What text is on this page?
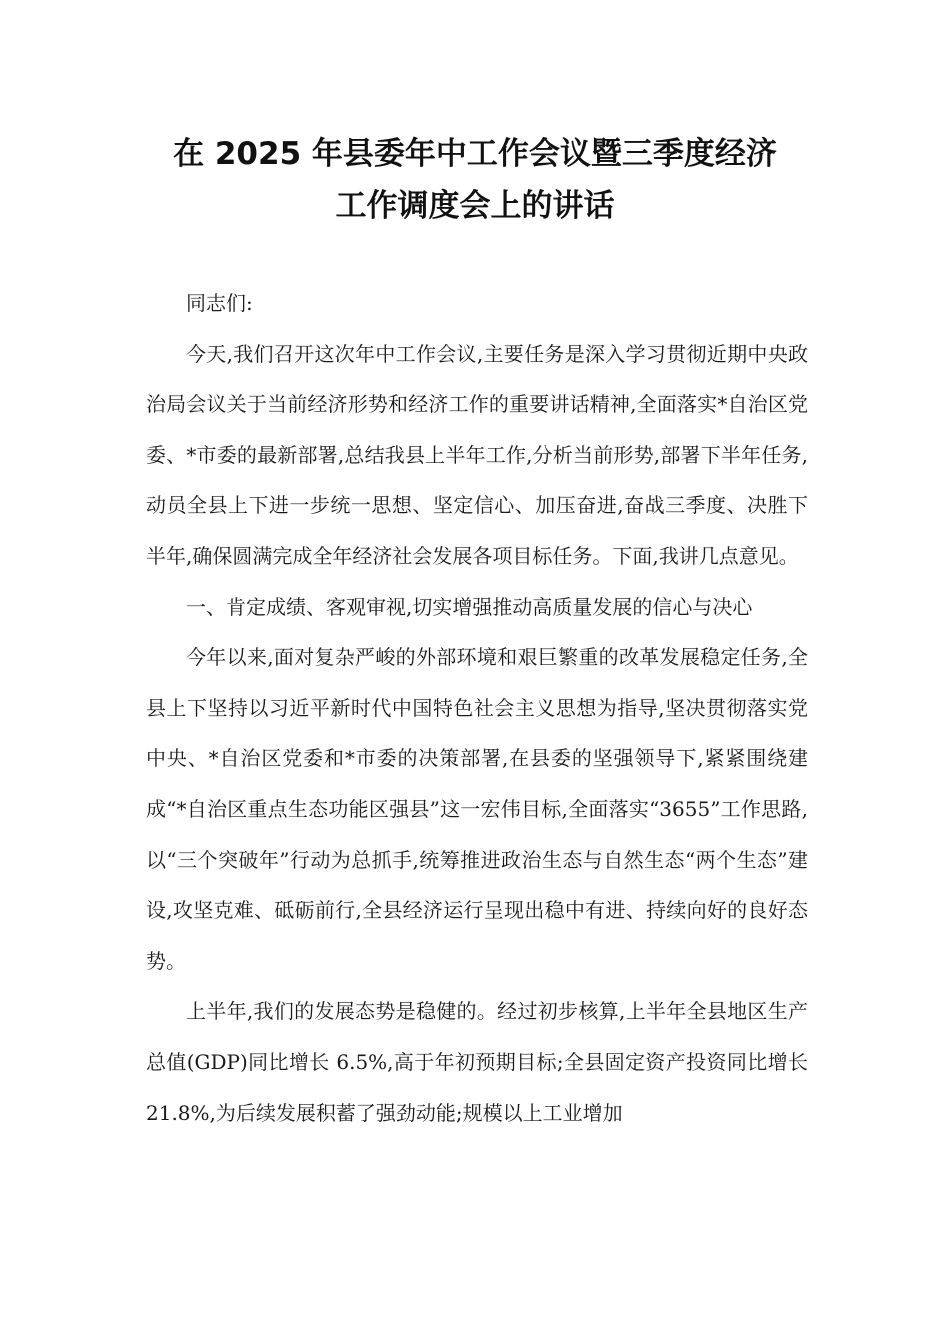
在 2025 年县委年中工作会议暨三季度经济
工作调度会上的讲话

同志们:

今天,我们召开这次年中工作会议,主要任务是深入学习贯彻近期中央政治局会议关于当前经济形势和经济工作的重要讲话精神,全面落实*自治区党委、*市委的最新部署,总结我县上半年工作,分析当前形势,部署下半年任务,动员全县上下进一步统一思想、坚定信心、加压奋进,奋战三季度、决胜下半年,确保圆满完成全年经济社会发展各项目标任务。下面,我讲几点意见。

一、肯定成绩、客观审视,切实增强推动高质量发展的信心与决心

今年以来,面对复杂严峻的外部环境和艰巨繁重的改革发展稳定任务,全县上下坚持以习近平新时代中国特色社会主义思想为指导,坚决贯彻落实党中央、*自治区党委和*市委的决策部署,在县委的坚强领导下,紧紧围绕建成“*自治区重点生态功能区强县”这一宏伟目标,全面落实“3655”工作思路,以“三个突破年”行动为总抓手,统筹推进政治生态与自然生态“两个生态”建设,攻坚克难、砥砺前行,全县经济运行呈现出稳中有进、持续向好的良好态势。

上半年,我们的发展态势是稳健的。经过初步核算,上半年全县地区生产总值(GDP)同比增长 6.5%,高于年初预期目标;全县固定资产投资同比增长 21.8%,为后续发展积蓄了强劲动能;规模以上工业增加
